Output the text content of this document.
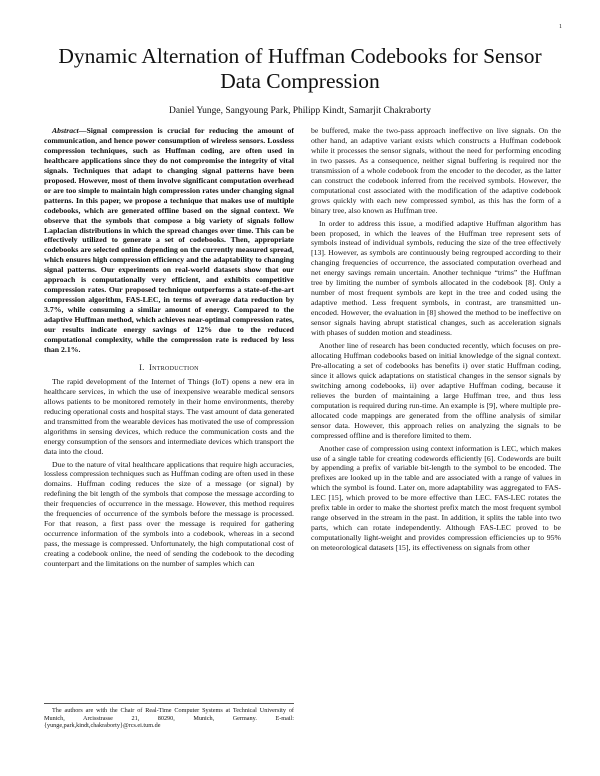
1
Dynamic Alternation of Huffman Codebooks for Sensor Data Compression
Daniel Yunge, Sangyoung Park, Philipp Kindt, Samarjit Chakraborty

Abstract—Signal compression is crucial for reducing the amount of communication, and hence power consumption of wireless sensors. Lossless compression techniques, such as Huffman coding, are often used in healthcare applications since they do not compromise the integrity of vital signals. Techniques that adapt to changing signal patterns have been proposed. However, most of them involve significant computation overhead or are too simple to maintain high compression rates under changing signal patterns. In this paper, we propose a technique that makes use of multiple codebooks, which are generated offline based on the signal context. We observe that the symbols that compose a big variety of signals follow Laplacian distributions in which the spread changes over time. This can be effectively utilized to generate a set of codebooks. Then, appropriate codebooks are selected online depending on the currently measured spread, which ensures high compression efficiency and the adaptability to changing signal patterns. Our experiments on real-world datasets show that our approach is computationally very efficient, and exhibits competitive compression rates. Our proposed technique outperforms a state-of-the-art compression algorithm, FAS-LEC, in terms of average data reduction by 3.7%, while consuming a similar amount of energy. Compared to the adaptive Huffman method, which achieves near-optimal compression rates, our results indicate energy savings of 12% due to the reduced computational complexity, while the compression rate is reduced by less than 2.1%.

I. Introduction

The rapid development of the Internet of Things (IoT) opens a new era in healthcare services, in which the use of inexpensive wearable medical sensors allows patients to be monitored remotely in their home environments, thereby reducing operational costs and hospital stays. The vast amount of data generated and transmitted from the wearable devices has motivated the use of compression algorithms in sensing devices, which reduce the communication costs and the energy consumption of the sensors and intermediate devices which transport the data into the cloud.

Due to the nature of vital healthcare applications that require high accuracies, lossless compression techniques such as Huffman coding are often used in these domains. Huffman coding reduces the size of a message (or signal) by redefining the bit length of the symbols that compose the message according to their frequencies of occurrence in the message. However, this method requires the frequencies of occurrence of the symbols before the message is processed. For that reason, a first pass over the message is required for gathering occurrence information of the symbols into a codebook, whereas in a second pass, the message is compressed. Unfortunately, the high computational cost of creating a codebook online, the need of sending the codebook to the decoding counterpart and the limitations on the number of samples which can

be buffered, make the two-pass approach ineffective on live signals. On the other hand, an adaptive variant exists which constructs a Huffman codebook while it processes the sensor signals, without the need for performing encoding in two passes. As a consequence, neither signal buffering is required nor the transmission of a whole codebook from the encoder to the decoder, as the latter can construct the codebook inferred from the received symbols. However, the computational cost associated with the modification of the adaptive codebook grows quickly with each new compressed symbol, as this has the form of a binary tree, also known as Huffman tree.

In order to address this issue, a modified adaptive Huffman algorithm has been proposed, in which the leaves of the Huffman tree represent sets of symbols instead of individual symbols, reducing the size of the tree effectively [13]. However, as symbols are continuously being regrouped according to their changing frequencies of occurrence, the associated computation overhead and net energy savings remain uncertain. Another technique “trims” the Huffman tree by limiting the number of symbols allocated in the codebook [8]. Only a number of most frequent symbols are kept in the tree and coded using the adaptive method. Less frequent symbols, in contrast, are transmitted un-encoded. However, the evaluation in [8] showed the method to be ineffective on sensor signals having abrupt statistical changes, such as acceleration signals with phases of sudden motion and steadiness.

Another line of research has been conducted recently, which focuses on pre-allocating Huffman codebooks based on initial knowledge of the signal context. Pre-allocating a set of codebooks has benefits i) over static Huffman coding, since it allows quick adaptations on statistical changes in the sensor signals by switching among codebooks, ii) over adaptive Huffman coding, because it relieves the burden of maintaining a large Huffman tree, and thus less computation is required during run-time. An example is [9], where multiple pre-allocated code mappings are generated from the offline analysis of similar sensor data. However, this approach relies on analyzing the signals to be compressed offline and is therefore limited to them.

Another case of compression using context information is LEC, which makes use of a single table for creating codewords efficiently [6]. Codewords are built by appending a prefix of variable bit-length to the symbol to be encoded. The prefixes are looked up in the table and are associated with a range of values in which the symbol is found. Later on, more adaptability was aggregated to FAS-LEC [15], which proved to be more effective than LEC. FAS-LEC rotates the prefix table in order to make the shortest prefix match the most frequent symbol range observed in the stream in the past. In addition, it splits the table into two parts, which can rotate independently. Although FAS-LEC proved to be computationally light-weight and provides compression efficiencies up to 95% on meteorological datasets [15], its effectiveness on signals from other

The authors are with the Chair of Real-Time Computer Systems at Technical University of Munich, Arcisstrasse 21, 80290, Munich, Germany. E-mail: {yunge,park,kindt,chakraborty}@rcs.ei.tum.de
